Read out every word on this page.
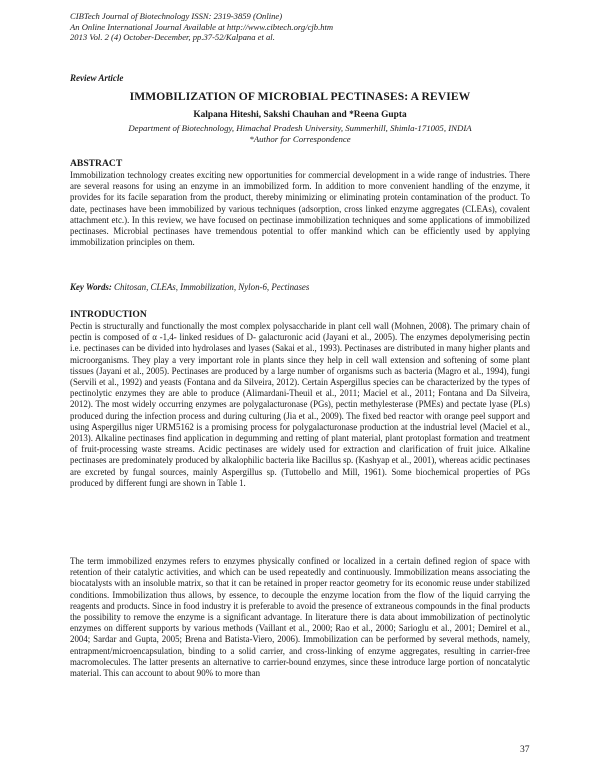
CIBTech Journal of Biotechnology ISSN: 2319-3859 (Online)
An Online International Journal Available at http://www.cibtech.org/cjb.htm
2013 Vol. 2 (4) October-December, pp.37-52/Kalpana et al.
Review Article
IMMOBILIZATION OF MICROBIAL PECTINASES: A REVIEW
Kalpana Hiteshi, Sakshi Chauhan and *Reena Gupta
Department of Biotechnology, Himachal Pradesh University, Summerhill, Shimla-171005, INDIA
*Author for Correspondence
ABSTRACT

Immobilization technology creates exciting new opportunities for commercial development in a wide range of industries. There are several reasons for using an enzyme in an immobilized form. In addition to more convenient handling of the enzyme, it provides for its facile separation from the product, thereby minimizing or eliminating protein contamination of the product. To date, pectinases have been immobilized by various techniques (adsorption, cross linked enzyme aggregates (CLEAs), covalent attachment etc.). In this review, we have focused on pectinase immobilization techniques and some applications of immobilized pectinases. Microbial pectinases have tremendous potential to offer mankind which can be efficiently used by applying immobilization principles on them.

Key Words: Chitosan, CLEAs, Immobilization, Nylon-6, Pectinases
INTRODUCTION

Pectin is structurally and functionally the most complex polysaccharide in plant cell wall (Mohnen, 2008). The primary chain of pectin is composed of α -1,4- linked residues of D- galacturonic acid (Jayani et al., 2005). The enzymes depolymerising pectin i.e. pectinases can be divided into hydrolases and lyases (Sakai et al., 1993). Pectinases are distributed in many higher plants and microorganisms. They play a very important role in plants since they help in cell wall extension and softening of some plant tissues (Jayani et al., 2005). Pectinases are produced by a large number of organisms such as bacteria (Magro et al., 1994), fungi (Servili et al., 1992) and yeasts (Fontana and da Silveira, 2012). Certain Aspergillus species can be characterized by the types of pectinolytic enzymes they are able to produce (Alimardani-Theuil et al., 2011; Maciel et al., 2011; Fontana and Da Silveira, 2012). The most widely occurring enzymes are polygalacturonase (PGs), pectin methylesterase (PMEs) and pectate lyase (PLs) produced during the infection process and during culturing (Jia et al., 2009). The fixed bed reactor with orange peel support and using Aspergillus niger URM5162 is a promising process for polygalacturonase production at the industrial level (Maciel et al., 2013). Alkaline pectinases find application in degumming and retting of plant material, plant protoplast formation and treatment of fruit-processing waste streams. Acidic pectinases are widely used for extraction and clarification of fruit juice. Alkaline pectinases are predominately produced by alkalophilic bacteria like Bacillus sp. (Kashyap et al., 2001), whereas acidic pectinases are excreted by fungal sources, mainly Aspergillus sp. (Tuttobello and Mill, 1961). Some biochemical properties of PGs produced by different fungi are shown in Table 1.

The term immobilized enzymes refers to enzymes physically confined or localized in a certain defined region of space with retention of their catalytic activities, and which can be used repeatedly and continuously. Immobilization means associating the biocatalysts with an insoluble matrix, so that it can be retained in proper reactor geometry for its economic reuse under stabilized conditions. Immobilization thus allows, by essence, to decouple the enzyme location from the flow of the liquid carrying the reagents and products. Since in food industry it is preferable to avoid the presence of extraneous compounds in the final products the possibility to remove the enzyme is a significant advantage. In literature there is data about immobilization of pectinolytic enzymes on different supports by various methods (Vaillant et al., 2000; Rao et al., 2000; Sarioglu et al., 2001; Demirel et al., 2004; Sardar and Gupta, 2005; Brena and Batista-Viero, 2006). Immobilization can be performed by several methods, namely, entrapment/microencapsulation, binding to a solid carrier, and cross-linking of enzyme aggregates, resulting in carrier-free macromolecules. The latter presents an alternative to carrier-bound enzymes, since these introduce large portion of noncatalytic material. This can account to about 90% to more than

37
